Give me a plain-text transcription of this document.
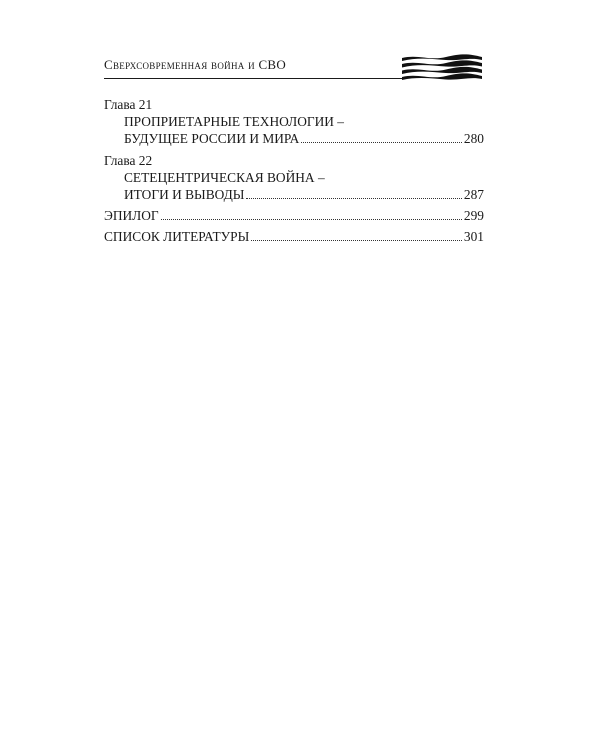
Сверхсовременная война и СВО
Глава 21
ПРОПРИЕТАРНЫЕ ТЕХНОЛОГИИ –
БУДУЩЕЕ РОССИИ И МИРА	280
Глава 22
СЕТЕЦЕНТРИЧЕСКАЯ ВОЙНА –
ИТОГИ И ВЫВОДЫ	287
ЭПИЛОГ	299
СПИСОК ЛИТЕРАТУРЫ	301
